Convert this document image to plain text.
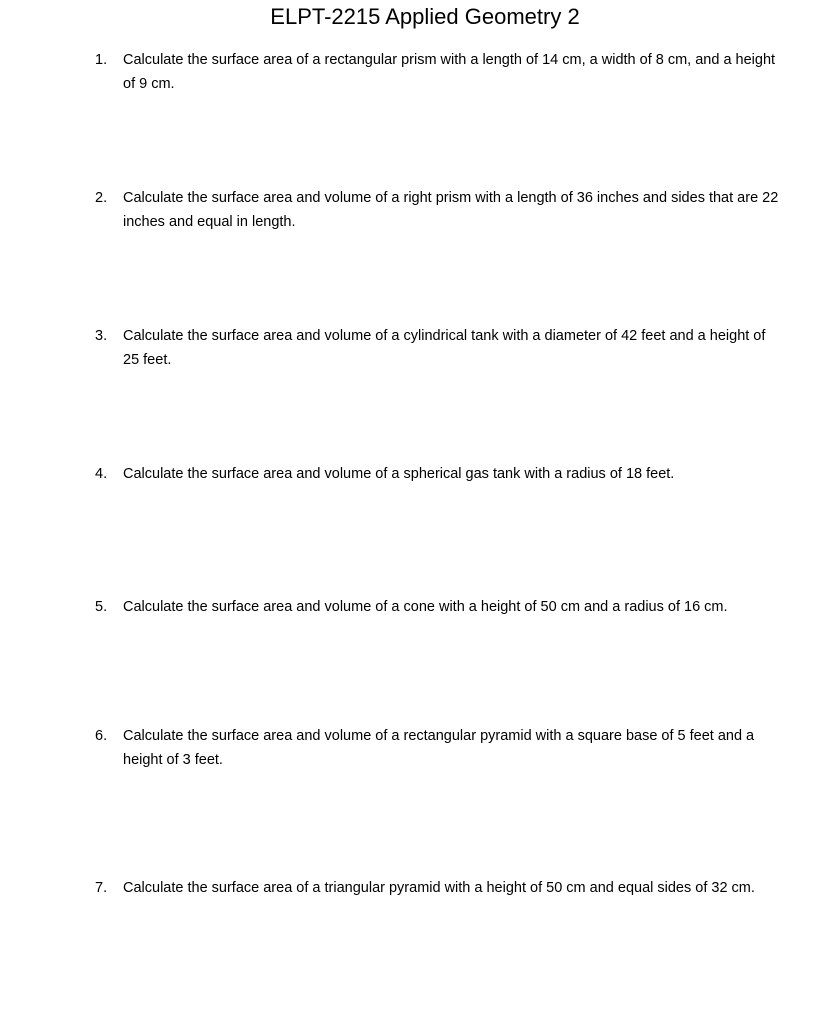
ELPT-2215 Applied Geometry 2
1.	Calculate the surface area of a rectangular prism with a length of 14 cm, a width of 8 cm, and a height of 9 cm.
2.	Calculate the surface area and volume of a right prism with a length of 36 inches and sides that are 22 inches and equal in length.
3.	Calculate the surface area and volume of a cylindrical tank with a diameter of 42 feet and a height of 25 feet.
4.	Calculate the surface area and volume of a spherical gas tank with a radius of 18 feet.
5.	Calculate the surface area and volume of a cone with a height of 50 cm and a radius of 16 cm.
6.	Calculate the surface area and volume of a rectangular pyramid with a square base of 5 feet and a height of 3 feet.
7.	Calculate the surface area of a triangular pyramid with a height of 50 cm and equal sides of 32 cm.
